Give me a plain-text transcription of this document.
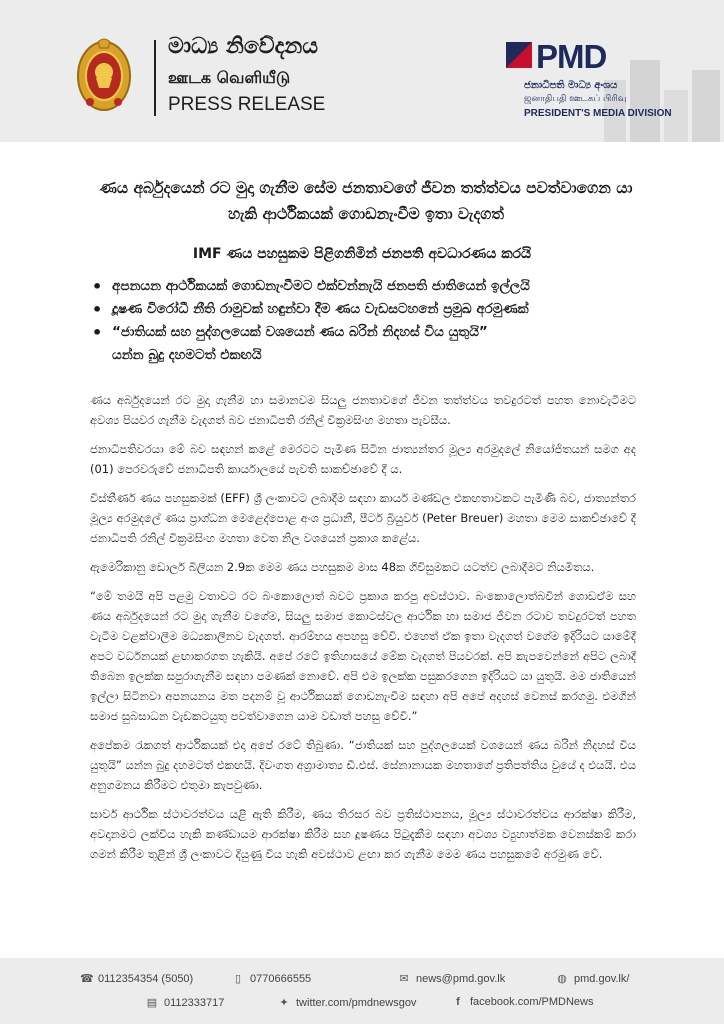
මාධ්‍ය නිවේදනය
ஊடக வெளியீடு
PRESS RELEASE
PMD
ජනාධිපති මාධ්‍ය අංශය
ஜனாதிபதி ஊடகப் பிரிவு
PRESIDENT'S MEDIA DIVISION
ණය අර්බුදයෙන් රට මුදා ගැනීම සේම ජනතාවගේ ජීවන තත්ත්වය පවත්වාගෙන යා හැකි ආර්ථිකයක් ගොඩනැංවීම ඉතා වැදගත්
IMF ණය පහසුකම පිළිගනිමින් ජනපති අවධාරණය කරයි
• අපනයන ආර්ථිකයක් ගොඩනැංවීමට එක්වන්නැයි ජනපති ජාතියෙන් ඉල්ලයි
• දූෂණ විරෝධී නීති රාමුවක් හඳුන්වා දීම ණය වැඩසටහනේ ප්‍රමුඛ අරමුණක්
• “ජාතියක් සහ පුද්ගලයෙක් වශයෙන් ණය බරින් නිදහස් විය යුතුයි”
යන්න බුදු දහමටත් එකඟයි

ණය අර්බුදයෙන් රට මුදා ගැනීම හා සමානවම සියලු ජනතාවගේ ජීවන තත්ත්වය තවදුරටත් පහත නොවැටීමට අවශ්‍ය පියවර ගැනීම වැදගත් බව ජනාධිපති රනිල් වික්‍රමසිංහ මහතා පැවසීය.

ජනාධිපතිවරයා මේ බව සඳහන් කළේ මෙරටට පැමිණ සිටින ජාත්‍යන්තර මූල්‍ය අරමුදලේ නියෝජිතයන් සමග අද (01) පෙරවරුවේ ජනාධිපති කාර්යාලයේ පැවති සාකච්ඡාවේ දී ය.

විස්තීර්ණ ණය පහසුකමක් (EFF) ශ්‍රී ලංකාවට ලබාදීම සඳහා කාර්ය මණ්ඩල එකඟතාවකට පැමිණි බව, ජාත්‍යන්තර මූල්‍ය අරමුදලේ ණය ප්‍රාග්ධන මෙළෙද්පොළ අංශ ප්‍රධානී, පීටර් බ්‍රියුවර් (Peter Breuer) මහතා මෙම සාකච්ඡාවේ දී ජනාධිපති රනිල් වික්‍රමසිංහ මහතා වෙත නිල වශයෙන් ප්‍රකාශ කළේය.

ඇමෙරිකානු ඩොලර් බිලියන 2.9ක මෙම ණය පහසුකම මාස 48ක ගිවිසුමකට යටත්ව ලබාදීමට නියමිතය.

“මේ තමයි අපි පළමු වතාවට රට බංකොලොත් බවට ප්‍රකාශ කරපු අවස්ථාව. බංකොලොත්බවින් ගොඩඒම සහ ණය අර්බුදයෙන් රට මුදා ගැනීම වගේම, සියලු සමාජ කොටස්වල ආර්ථික හා සමාජ ජීවන රටාව තවදුරටත් පහත වැටීම වළක්වාලීම මධ්‍යකාලීනව වැදගත්. ආරම්භය අපහසු වේවි. එහෙත් ඒක ඉතා වැදගත් වගේම ඉදිරියට යාමේදී අපට වර්ධනයක් ළඟාකරගත හැකියි. අපේ රටේ ඉතිහාසයේ මේක වැදගත් පියවරක්. අපි කැපවෙන්නේ අපිට ලබාදී තිබෙන ඉලක්ක සපුරාගැනීම සඳහා පමණක් නොවේ. අපි එම ඉලක්ක පසුකරගෙන ඉදිරියට යා යුතුයි. මම ජාතියෙන් ඉල්ලා සිටිනවා අපනයනය මත පදනම් වූ ආර්ථිකයක් ගොඩනැංවීම සඳහා අපි අපේ අදහස් වෙනස් කරගමු. එමගින් සමාජ සුබසාධන වැඩකටයුතු පවත්වාගෙන යාම වඩාත් පහසු වේවි.”

අපේකම රැකගත් ආර්ථිකයක් එදා අපේ රටේ තිබුණා. “ජාතියක් සහ පුද්ගලයෙක් වශයෙන් ණය බරින් නිදහස් විය යුතුයි” යන්න බුදු දහමටත් එකඟයි. දිවංගත අග්‍රාමාත්‍ය ඩී.එස්. සේනානායක මහතාගේ ප්‍රතිපත්තිය වුයේ ද එයයි. එය අනුගමනය කිරීමට එතුමා කැපවුණා.

සාර්ව ආර්ථික ස්ථාවරත්වය යළි ඇති කිරීම, ණය තිරසර බව ප්‍රතිස්ථාපනය, මූල්‍ය ස්ථාවරත්වය ආරක්ෂා කිරීම, අවදානමට ලක්විය හැකි කණ්ඩායම ආරක්ෂා කිරීම සහ දූෂණය පිටුදැකීම සඳහා අවශ්‍ය ව්‍යුහාත්මක වෙනස්කම් කරා ගමන් කිරීම තුළින් ශ්‍රී ලංකාවට දියුණු විය හැකි අවස්ථාව ළඟා කර ගැනීම මෙම ණය පහසුකමේ අරමුණ වේ.

☎ 0112354354 (5050)	▯ 0770666555	✉ news@pmd.gov.lk	◍ pmd.gov.lk/
▤ 0112333717	✦ twitter.com/pmdnewsgov	f facebook.com/PMDNews
